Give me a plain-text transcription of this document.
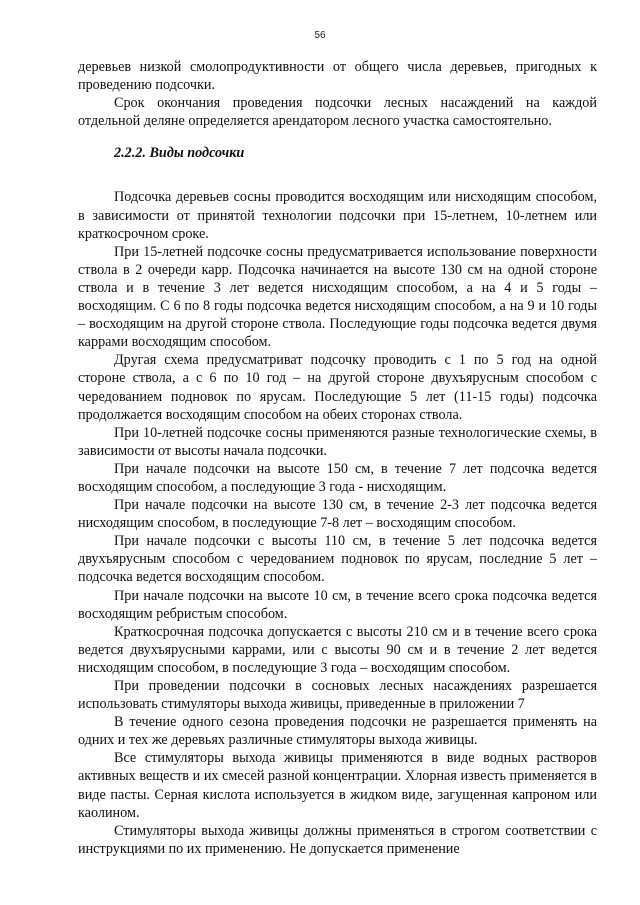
56

деревьев низкой смолопродуктивности от общего числа деревьев, пригодных к проведению подсочки.

Срок окончания проведения подсочки лесных насаждений на каждой отдельной деляне определяется арендатором лесного участка самостоятельно.

2.2.2. Виды подсочки

Подсочка деревьев сосны проводится восходящим или нисходящим способом, в зависимости от принятой технологии подсочки при 15-летнем, 10-летнем или краткосрочном сроке.

При 15-летней подсочке сосны предусматривается использование поверхности ствола в 2 очереди карр. Подсочка начинается на высоте 130 см на одной стороне ствола и в течение 3 лет ведется нисходящим способом, а на 4 и 5 годы – восходящим. С 6 по 8 годы подсочка ведется нисходящим способом, а на 9 и 10 годы – восходящим на другой стороне ствола. Последующие годы подсочка ведется двумя каррами восходящим способом.

Другая схема предусматриват подсочку проводить с 1 по 5 год на одной стороне ствола, а с 6 по 10 год – на другой стороне двухъярусным способом с чередованием подновок по ярусам. Последующие 5 лет (11-15 годы) подсочка продолжается восходящим способом на обеих сторонах ствола.

При 10-летней подсочке сосны применяются разные технологические схемы, в зависимости от высоты начала подсочки.

При начале подсочки на высоте 150 см, в течение 7 лет подсочка ведется восходящим способом, а последующие 3 года - нисходящим.

При начале подсочки на высоте 130 см, в течение 2-3 лет подсочка ведется нисходящим способом, в последующие 7-8 лет – восходящим способом.

При начале подсочки с высоты 110 см, в течение 5 лет подсочка ведется двухъярусным способом с чередованием подновок по ярусам, последние 5 лет – подсочка ведется восходящим способом.

При начале подсочки на высоте 10 см, в течение всего срока подсочка ведется восходящим ребристым способом.

Краткосрочная подсочка допускается с высоты 210 см и в течение всего срока ведется двухъярусными каррами, или с высоты 90 см и в течение 2 лет ведется нисходящим способом, в последующие 3 года – восходящим способом.

При проведении подсочки в сосновых лесных насаждениях разрешается использовать стимуляторы выхода живицы, приведенные в приложении 7

В течение одного сезона проведения подсочки не разрешается применять на одних и тех же деревьях различные стимуляторы выхода живицы.

Все стимуляторы выхода живицы применяются в виде водных растворов активных веществ и их смесей разной концентрации. Хлорная известь применяется в виде пасты. Серная кислота используется в жидком виде, загущенная капроном или каолином.

Стимуляторы выхода живицы должны применяться в строгом соответствии с инструкциями по их применению. Не допускается применение
